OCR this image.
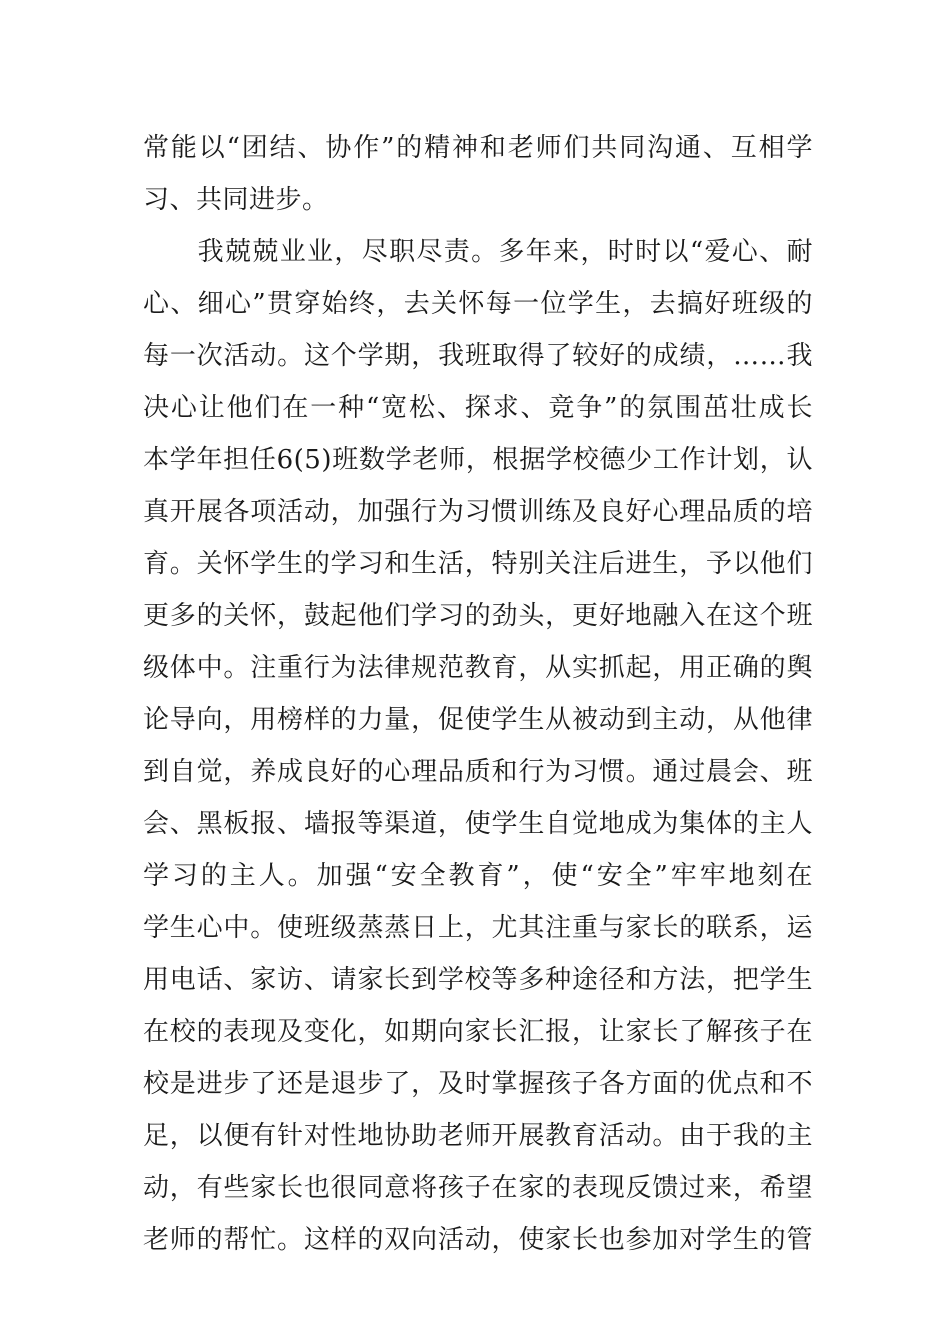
常能以“团结、协作”的精神和老师们共同沟通、互相学
习、共同进步。
　　我兢兢业业，尽职尽责。多年来，时时以“爱心、耐
心、细心”贯穿始终，去关怀每一位学生，去搞好班级的
每一次活动。这个学期，我班取得了较好的成绩，……我
决心让他们在一种“宽松、探求、竞争”的氛围茁壮成长
本学年担任6(5)班数学老师，根据学校德少工作计划，认
真开展各项活动，加强行为习惯训练及良好心理品质的培
育。关怀学生的学习和生活，特别关注后进生，予以他们
更多的关怀，鼓起他们学习的劲头，更好地融入在这个班
级体中。注重行为法律规范教育，从实抓起，用正确的舆
论导向，用榜样的力量，促使学生从被动到主动，从他律
到自觉，养成良好的心理品质和行为习惯。通过晨会、班
会、黑板报、墙报等渠道，使学生自觉地成为集体的主人
学习的主人。加强“安全教育”，使“安全”牢牢地刻在
学生心中。使班级蒸蒸日上，尤其注重与家长的联系，运
用电话、家访、请家长到学校等多种途径和方法，把学生
在校的表现及变化，如期向家长汇报，让家长了解孩子在
校是进步了还是退步了，及时掌握孩子各方面的优点和不
足，以便有针对性地协助老师开展教育活动。由于我的主
动，有些家长也很同意将孩子在家的表现反馈过来，希望
老师的帮忙。这样的双向活动，使家长也参加对学生的管
